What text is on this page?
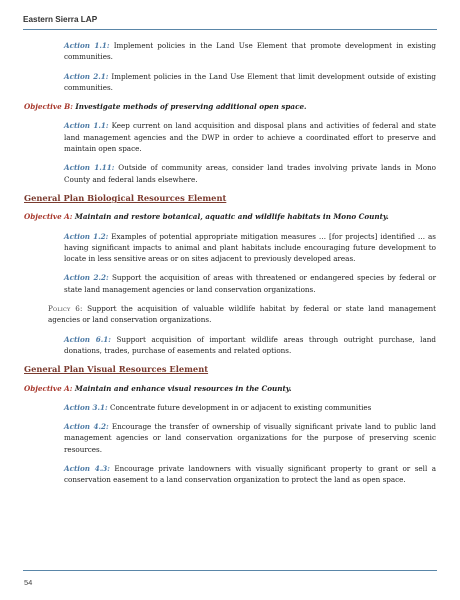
Eastern Sierra LAP

Action 1.1: Implement policies in the Land Use Element that promote development in existing communities.

Action 2.1: Implement policies in the Land Use Element that limit development outside of existing communities.

Objective B: Investigate methods of preserving additional open space.

Action 1.1: Keep current on land acquisition and disposal plans and activities of federal and state land management agencies and the DWP in order to achieve a coordinated effort to preserve and maintain open space.

Action 1.11: Outside of community areas, consider land trades involving private lands in Mono County and federal lands elsewhere.

General Plan Biological Resources Element

Objective A: Maintain and restore botanical, aquatic and wildlife habitats in Mono County.

Action 1.2: Examples of potential appropriate mitigation measures … [for projects] identified … as having significant impacts to animal and plant habitats include encouraging future development to locate in less sensitive areas or on sites adjacent to previously developed areas.

Action 2.2: Support the acquisition of areas with threatened or endangered species by federal or state land management agencies or land conservation organizations.

Policy 6: Support the acquisition of valuable wildlife habitat by federal or state land management agencies or land conservation organizations.

Action 6.1: Support acquisition of important wildlife areas through outright purchase, land donations, trades, purchase of easements and related options.

General Plan Visual Resources Element

Objective A: Maintain and enhance visual resources in the County.

Action 3.1: Concentrate future development in or adjacent to existing communities

Action 4.2: Encourage the transfer of ownership of visually significant private land to public land management agencies or land conservation organizations for the purpose of preserving scenic resources.

Action 4.3: Encourage private landowners with visually significant property to grant or sell a conservation easement to a land conservation organization to protect the land as open space.

54
